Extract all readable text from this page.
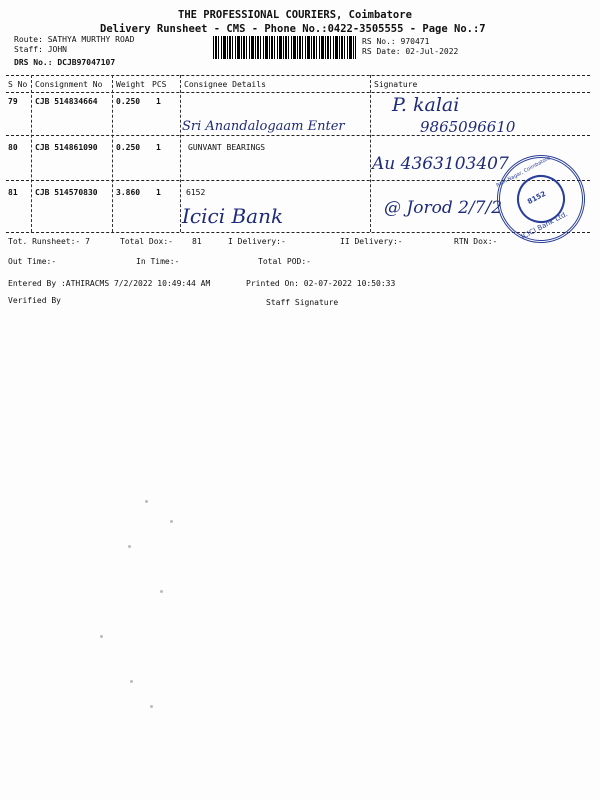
THE PROFESSIONAL COURIERS, Coimbatore
Delivery Runsheet - CMS - Phone No.:0422-3505555 - Page No.:7
Route: SATHYA MURTHY ROAD
Staff: JOHN
DRS No.: DCJB97047107
RS No.: 970471
RS Date: 02-Jul-2022
S No Consignment No Weight PCS Consignee Details	Signature
79 CJB 514834664 0.250 1
80 CJB 514861090 0.250 1	GUNVANT BEARINGS
81 CJB 514570830 3.860 1	6152
P. kalai
9865096610
Sri Anandalogaam Enter
Au 4363103407
Icici Bank	@ Jorod 2/7/2
ICICI Bank Ltd.
Ram Nagar, Coimbatore
8152
Tot. Runsheet:- 7	Total Dox:- 81	I Delivery:-	II Delivery:-	RTN Dox:-
Out Time:-	In Time:-	Total POD:-
Entered By :ATHIRACMS 7/2/2022 10:49:44 AM	Printed On: 02-07-2022 10:50:33
Verified By	Staff Signature
